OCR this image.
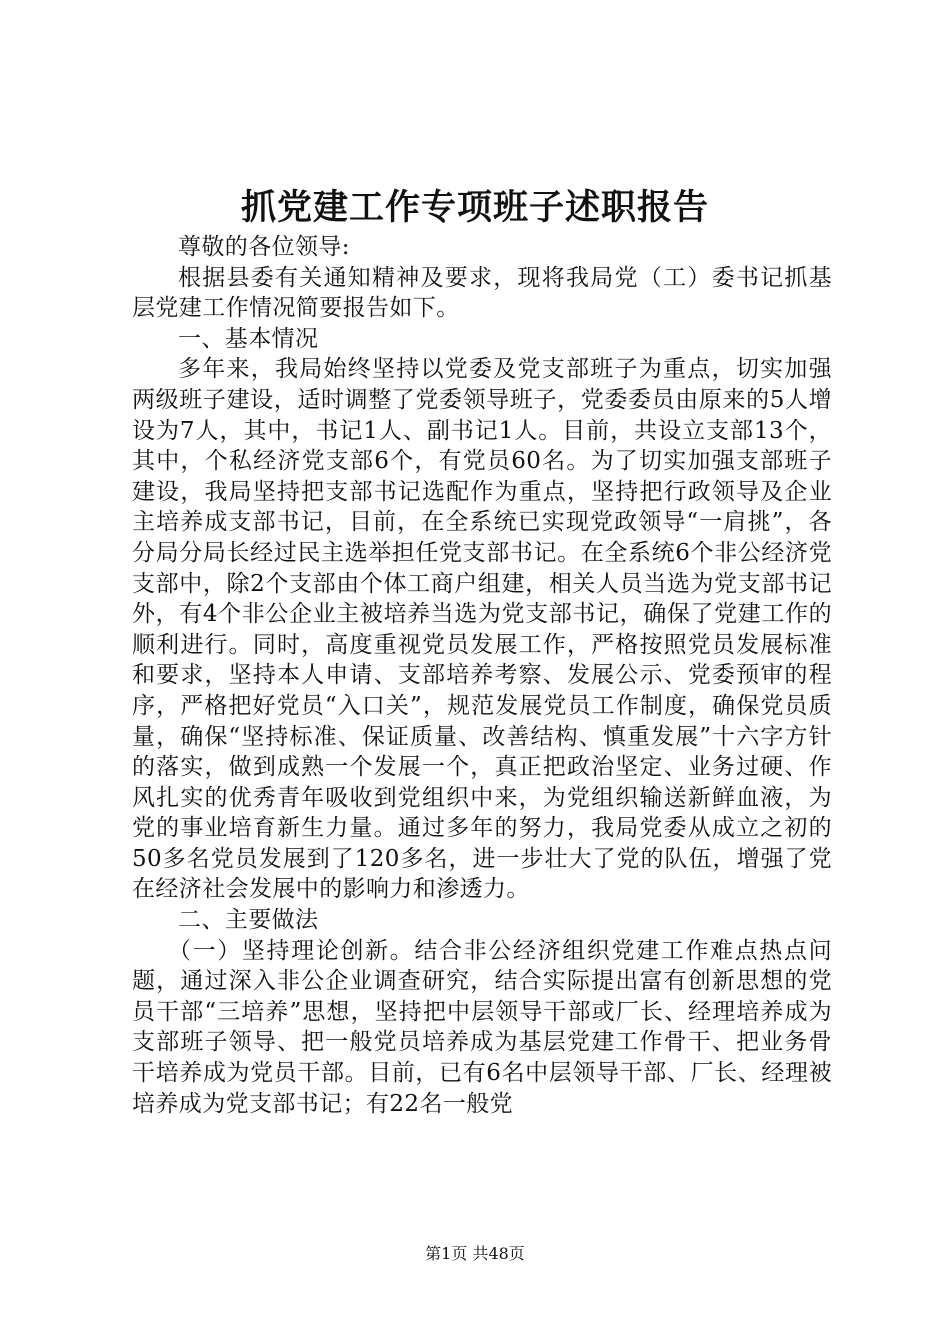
抓党建工作专项班子述职报告

尊敬的各位领导:

根据县委有关通知精神及要求，现将我局党（工）委书记抓基层党建工作情况简要报告如下。

一、基本情况

多年来，我局始终坚持以党委及党支部班子为重点，切实加强两级班子建设，适时调整了党委领导班子，党委委员由原来的5人增设为7人，其中，书记1人、副书记1人。目前，共设立支部13个，其中，个私经济党支部6个，有党员60名。为了切实加强支部班子建设，我局坚持把支部书记选配作为重点，坚持把行政领导及企业主培养成支部书记，目前，在全系统已实现党政领导“一肩挑”，各分局分局长经过民主选举担任党支部书记。在全系统6个非公经济党支部中，除2个支部由个体工商户组建，相关人员当选为党支部书记外，有4个非公企业主被培养当选为党支部书记，确保了党建工作的顺利进行。同时，高度重视党员发展工作，严格按照党员发展标准和要求，坚持本人申请、支部培养考察、发展公示、党委预审的程序，严格把好党员“入口关”，规范发展党员工作制度，确保党员质量，确保“坚持标准、保证质量、改善结构、慎重发展”十六字方针的落实，做到成熟一个发展一个，真正把政治坚定、业务过硬、作风扎实的优秀青年吸收到党组织中来，为党组织输送新鲜血液，为党的事业培育新生力量。通过多年的努力，我局党委从成立之初的50多名党员发展到了120多名，进一步壮大了党的队伍，增强了党在经济社会发展中的影响力和渗透力。

二、主要做法

（一）坚持理论创新。结合非公经济组织党建工作难点热点问题，通过深入非公企业调查研究，结合实际提出富有创新思想的党员干部“三培养”思想，坚持把中层领导干部或厂长、经理培养成为支部班子领导、把一般党员培养成为基层党建工作骨干、把业务骨干培养成为党员干部。目前，已有6名中层领导干部、厂长、经理被培养成为党支部书记；有22名一般党

第1页 共48页
